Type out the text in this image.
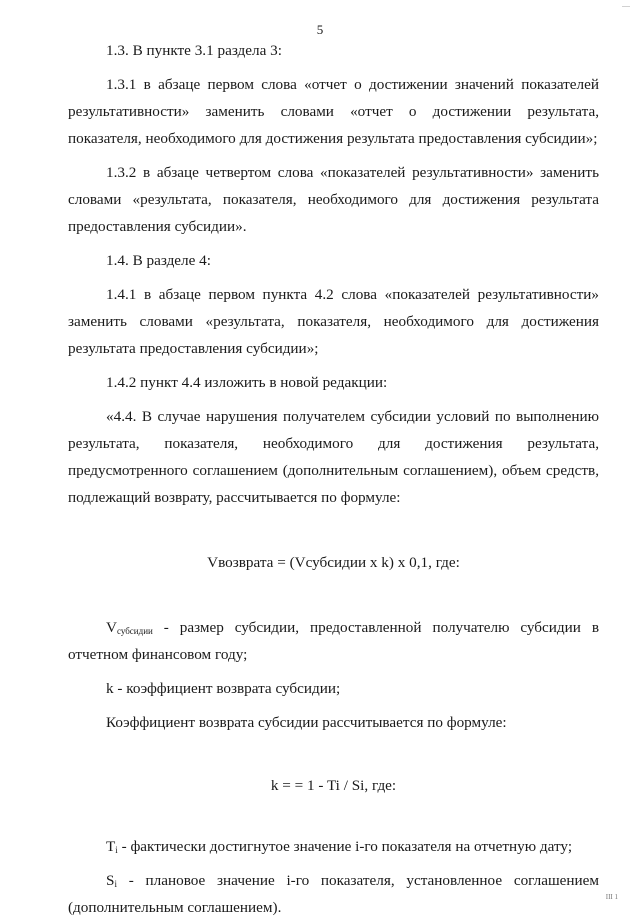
5
....

1.3. В пункте 3.1 раздела 3:

1.3.1 в абзаце первом слова «отчет о достижении значений показателей результативности» заменить словами «отчет о достижении результата, показателя, необходимого для достижения результата предоставления субсидии»;

1.3.2 в абзаце четвертом слова «показателей результативности» заменить словами «результата, показателя, необходимого для достижения результата предоставления субсидии».

1.4. В разделе 4:

1.4.1 в абзаце первом пункта 4.2 слова «показателей результативности» заменить словами «результата, показателя, необходимого для достижения результата предоставления субсидии»;

1.4.2 пункт 4.4 изложить в новой редакции:

«4.4. В случае нарушения получателем субсидии условий по выполнению результата, показателя, необходимого для достижения результата, предусмотренного соглашением (дополнительным соглашением), объем средств, подлежащий возврату, рассчитывается по формуле:

Vвозврата = (Vсубсидии x k) x 0,1, где:

$V_{субсидии}$ - размер субсидии, предоставленной получателю субсидии в отчетном финансовом году;

k - коэффициент возврата субсидии;

Коэффициент возврата субсидии рассчитывается по формуле:

k = = 1 - Ti / Si, где:

$T_i$ - фактически достигнутое значение i-го показателя на отчетную дату;

$S_i$ - плановое значение i-го показателя, установленное соглашением (дополнительным соглашением).

III 1
